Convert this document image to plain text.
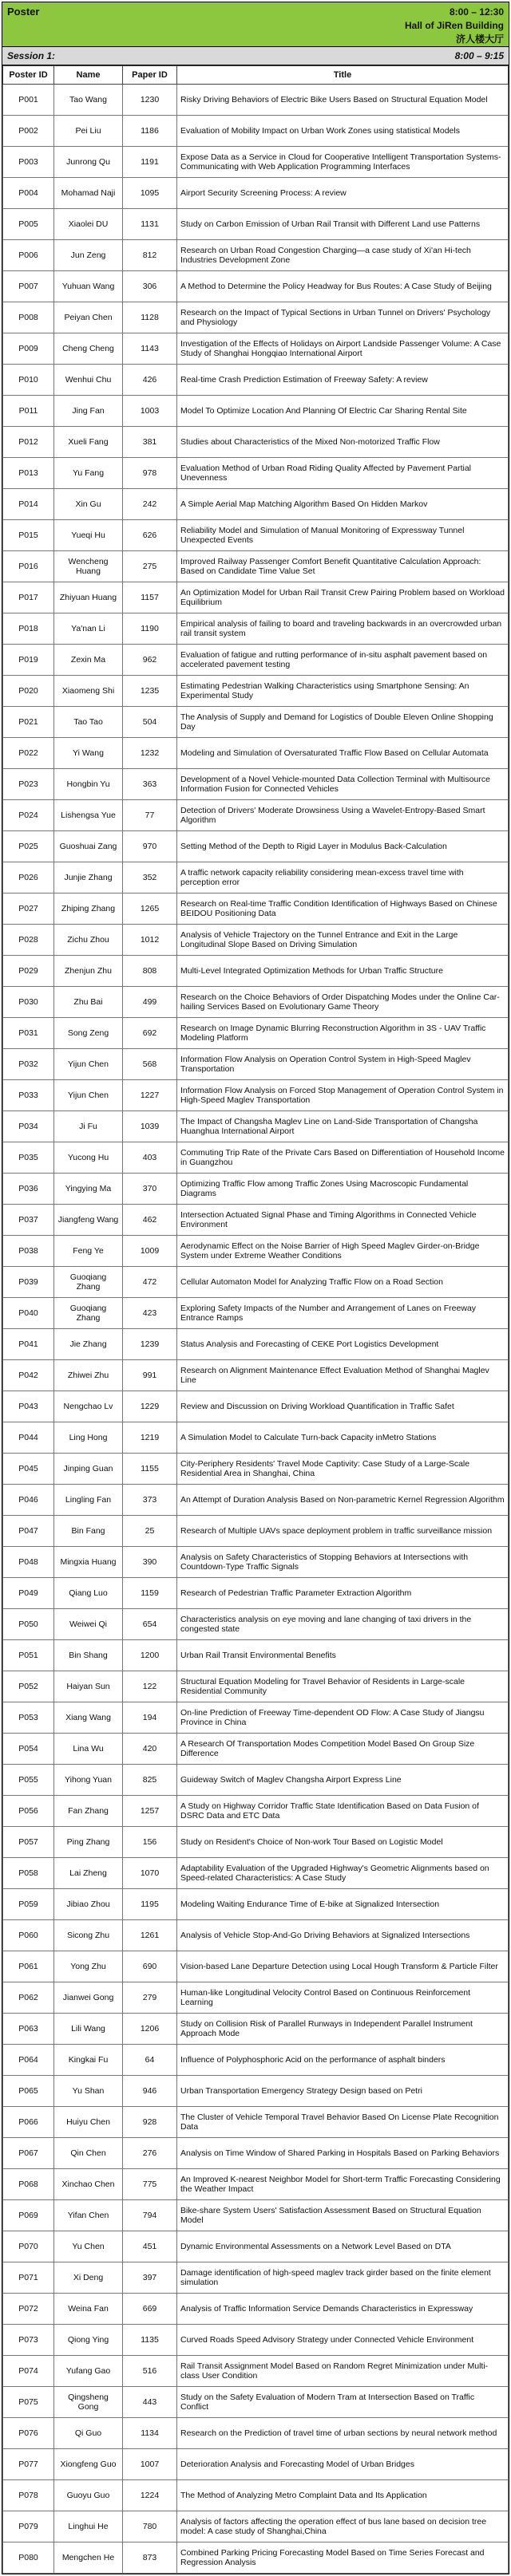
Poster	8:00 – 12:30
Hall of JiRen Building
济人楼大厅
Session 1:	8:00 – 9:15
Poster ID	Name	Paper ID	Title
P001	Tao Wang	1230	Risky Driving Behaviors of Electric Bike Users Based on Structural Equation Model
P002	Pei Liu	1186	Evaluation of Mobility Impact on Urban Work Zones using statistical Models
P003	Junrong Qu	1191	Expose Data as a Service in Cloud for Cooperative Intelligent Transportation Systems-Communicating with Web Application Programming Interfaces
P004	Mohamad Naji	1095	Airport Security Screening Process: A review
P005	Xiaolei DU	1131	Study on Carbon Emission of Urban Rail Transit with Different Land use Patterns
P006	Jun Zeng	812	Research on Urban Road Congestion Charging—a case study of Xi'an Hi-tech Industries Development Zone
P007	Yuhuan Wang	306	A Method to Determine the Policy Headway for Bus Routes: A Case Study of Beijing
P008	Peiyan Chen	1128	Research on the Impact of Typical Sections in Urban Tunnel on Drivers' Psychology and Physiology
P009	Cheng Cheng	1143	Investigation of the Effects of Holidays on Airport Landside Passenger Volume: A Case Study of Shanghai Hongqiao International Airport
P010	Wenhui Chu	426	Real-time Crash Prediction Estimation of Freeway Safety: A review
P011	Jing Fan	1003	Model To Optimize Location And Planning Of Electric Car Sharing Rental Site
P012	Xueli Fang	381	Studies about Characteristics of the Mixed Non-motorized Traffic Flow
P013	Yu Fang	978	Evaluation Method of Urban Road Riding Quality Affected by Pavement Partial Unevenness
P014	Xin Gu	242	A Simple Aerial Map Matching Algorithm Based On Hidden Markov
P015	Yueqi Hu	626	Reliability Model and Simulation of Manual Monitoring of Expressway Tunnel Unexpected Events
P016	Wencheng Huang	275	Improved Railway Passenger Comfort Benefit Quantitative Calculation Approach: Based on Candidate Time Value Set
P017	Zhiyuan Huang	1157	An Optimization Model for Urban Rail Transit Crew Pairing Problem based on Workload Equilibrium
P018	Ya'nan Li	1190	Empirical analysis of failing to board and traveling backwards in an overcrowded urban rail transit system
P019	Zexin Ma	962	Evaluation of fatigue and rutting performance of in-situ asphalt pavement based on accelerated pavement testing
P020	Xiaomeng Shi	1235	Estimating Pedestrian Walking Characteristics using Smartphone Sensing: An Experimental Study
P021	Tao Tao	504	The Analysis of Supply and Demand for Logistics of Double Eleven Online Shopping Day
P022	Yi Wang	1232	Modeling and Simulation of Oversaturated Traffic Flow Based on Cellular Automata
P023	Hongbin Yu	363	Development of a Novel Vehicle-mounted Data Collection Terminal with Multisource Information Fusion for Connected Vehicles
P024	Lishengsa Yue	77	Detection of Drivers' Moderate Drowsiness Using a Wavelet-Entropy-Based Smart Algorithm
P025	Guoshuai Zang	970	Setting Method of the Depth to Rigid Layer in Modulus Back-Calculation
P026	Junjie Zhang	352	A traffic network capacity reliability considering mean-excess travel time with perception error
P027	Zhiping Zhang	1265	Research on Real-time Traffic Condition Identification of Highways Based on Chinese BEIDOU Positioning Data
P028	Zichu Zhou	1012	Analysis of Vehicle Trajectory on the Tunnel Entrance and Exit in the Large Longitudinal Slope Based on Driving Simulation
P029	Zhenjun Zhu	808	Multi-Level Integrated Optimization Methods for Urban Traffic Structure
P030	Zhu Bai	499	Research on the Choice Behaviors of Order Dispatching Modes under the Online Car-hailing Services Based on Evolutionary Game Theory
P031	Song Zeng	692	Research on Image Dynamic Blurring Reconstruction Algorithm in 3S - UAV Traffic Modeling Platform
P032	Yijun Chen	568	Information Flow Analysis on Operation Control System in High-Speed Maglev Transportation
P033	Yijun Chen	1227	Information Flow Analysis on Forced Stop Management of Operation Control System in High-Speed Maglev Transportation
P034	Ji Fu	1039	The Impact of Changsha Maglev Line on Land-Side Transportation of Changsha Huanghua International Airport
P035	Yucong Hu	403	Commuting Trip Rate of the Private Cars Based on Differentiation of Household Income in Guangzhou
P036	Yingying Ma	370	Optimizing Traffic Flow among Traffic Zones Using Macroscopic Fundamental Diagrams
P037	Jiangfeng Wang	462	Intersection Actuated Signal Phase and Timing Algorithms in Connected Vehicle Environment
P038	Feng Ye	1009	Aerodynamic Effect on the Noise Barrier of High Speed Maglev Girder-on-Bridge System under Extreme Weather Conditions
P039	Guoqiang Zhang	472	Cellular Automaton Model for Analyzing Traffic Flow on a Road Section
P040	Guoqiang Zhang	423	Exploring Safety Impacts of the Number and Arrangement of Lanes on Freeway Entrance Ramps
P041	Jie Zhang	1239	Status Analysis and Forecasting of CEKE Port Logistics Development
P042	Zhiwei Zhu	991	Research on Alignment Maintenance Effect Evaluation Method of Shanghai Maglev Line
P043	Nengchao Lv	1229	Review and Discussion on Driving Workload Quantification in Traffic Safet
P044	Ling Hong	1219	A Simulation Model to Calculate Turn-back Capacity inMetro Stations
P045	Jinping Guan	1155	City-Periphery Residents' Travel Mode Captivity: Case Study of a Large-Scale Residential Area in Shanghai, China
P046	Lingling Fan	373	An Attempt of Duration Analysis Based on Non-parametric Kernel Regression Algorithm
P047	Bin Fang	25	Research of Multiple UAVs space deployment problem in traffic surveillance mission
P048	Mingxia Huang	390	Analysis on Safety Characteristics of Stopping Behaviors at Intersections with Countdown-Type Traffic Signals
P049	Qiang Luo	1159	Research of Pedestrian Traffic Parameter Extraction Algorithm
P050	Weiwei Qi	654	Characteristics analysis on eye moving and lane changing of taxi drivers in the congested state
P051	Bin Shang	1200	Urban Rail Transit Environmental Benefits
P052	Haiyan Sun	122	Structural Equation Modeling for Travel Behavior of Residents in Large-scale Residential Community
P053	Xiang Wang	194	On-line Prediction of Freeway Time-dependent OD Flow: A Case Study of Jiangsu Province in China
P054	Lina Wu	420	A Research Of Transportation Modes Competition Model Based On Group Size Difference
P055	Yihong Yuan	825	Guideway Switch of Maglev Changsha Airport Express Line
P056	Fan Zhang	1257	A Study on Highway Corridor Traffic State Identification Based on Data Fusion of DSRC Data and ETC Data
P057	Ping Zhang	156	Study on Resident's Choice of Non-work Tour Based on Logistic Model
P058	Lai Zheng	1070	Adaptability Evaluation of the Upgraded Highway's Geometric Alignments based on Speed-related Characteristics: A Case Study
P059	Jibiao Zhou	1195	Modeling Waiting Endurance Time of E-bike at Signalized Intersection
P060	Sicong Zhu	1261	Analysis of Vehicle Stop-And-Go Driving Behaviors at Signalized Intersections
P061	Yong Zhu	690	Vision-based Lane Departure Detection using Local Hough Transform & Particle Filter
P062	Jianwei Gong	279	Human-like Longitudinal Velocity Control Based on Continuous Reinforcement Learning
P063	Lili Wang	1206	Study on Collision Risk of Parallel Runways in Independent Parallel Instrument Approach Mode
P064	Kingkai Fu	64	Influence of Polyphosphoric Acid on the performance of asphalt binders
P065	Yu Shan	946	Urban Transportation Emergency Strategy Design based on Petri
P066	Huiyu Chen	928	The Cluster of Vehicle Temporal Travel Behavior Based On License Plate Recognition Data
P067	Qin Chen	276	Analysis on Time Window of Shared Parking in Hospitals Based on Parking Behaviors
P068	Xinchao Chen	775	An Improved K-nearest Neighbor Model for Short-term Traffic Forecasting Considering the Weather Impact
P069	Yifan Chen	794	Bike-share System Users' Satisfaction Assessment Based on Structural Equation Model
P070	Yu Chen	451	Dynamic Environmental Assessments on a Network Level Based on DTA
P071	Xi Deng	397	Damage identification of high-speed maglev track girder based on the finite element simulation
P072	Weina Fan	669	Analysis of Traffic Information Service Demands Characteristics in Expressway
P073	Qiong Ying	1135	Curved Roads Speed Advisory Strategy under Connected Vehicle Environment
P074	Yufang Gao	516	Rail Transit Assignment Model Based on Random Regret Minimization under Multi-class User Condition
P075	Qingsheng Gong	443	Study on the Safety Evaluation of Modern Tram at Intersection Based on Traffic Conflict
P076	Qi Guo	1134	Research on the Prediction of travel time of urban sections by neural network method
P077	Xiongfeng Guo	1007	Deterioration Analysis and Forecasting Model of Urban Bridges
P078	Guoyu Guo	1224	The Method of Analyzing Metro Complaint Data and Its Application
P079	Linghui He	780	Analysis of factors affecting the operation effect of bus lane based on decision tree model: A case study of Shanghai,China
P080	Mengchen He	873	Combined Parking Pricing Forecasting Model Based on Time Series Forecast and Regression Analysis
